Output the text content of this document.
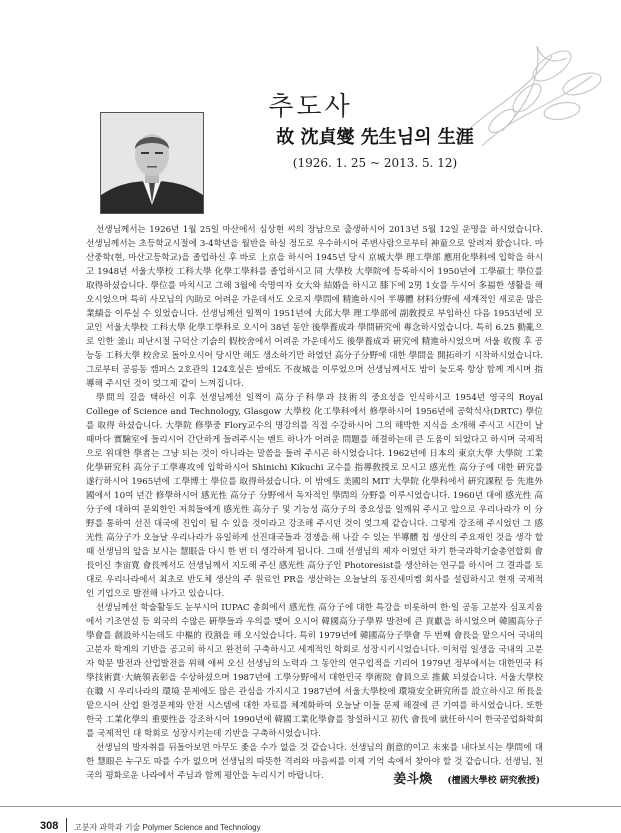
추도사
故 沈貞燮 先生님의 生涯
(1926. 1. 25 ~ 2013. 5. 12)

선생님께서는 1926년 1월 25일 마산에서 심상현 씨의 장남으로 출생하시어 2013년 5월 12일 운명을 하시었습니다. 선생님께서는 초등학교시절에 3-4학년을 월반을 하실 정도로 우수하시어 주변사람으로부터 神童으로 알려져 왔습니다. 마산중학(현, 마산고등학교)을 졸업하신 후 바로 上京을 하시어 1945년 당시 京城大學 理工學部 應用化學科에 입학을 하시고 1948년 서울大學校 工科大學 化學工學科를 졸업하시고 同 大學校 大學院에 등록하시어 1950년에 工學碩士 學位를 取得하셨습니다. 學位를 마치시고 그해 3월에 숙명여자 女大와 結婚을 하시고 膝下에 2男 1女를 두시어 多福한 생활을 해 오시었으며 특히 사모님의 內助로 어려운 가운데서도 오로지 學問에 精進하시어 半導體 材料分野에 세계적인 새로운 많은 業績을 이루실 수 있었습니다. 선생님께선 일찍이 1951년에 大邱大學 理工學部에 副敎授로 부임하신 다음 1953년에 모교인 서울大學校 工科大學 化學工學科로 오시어 38년 동안 後學養成과 學問硏究에 專念하시었습니다. 특히 6.25 動亂으로 인한 釜山 피난시절 구덕산 기슭의 假校舍에서 어려운 가운데서도 後學養成과 硏究에 精進하시었으며 서울 收復 후 공능동 工科大學 校舍로 돌아오시어 당시만 해도 생소하기만 하였던 高分子分野에 대한 學問을 開拓하기 시작하시었습니다. 그로부터 공릉동 캠퍼스 2호관의 124호실은 밤에도 不夜城을 이루었으며 선생님께서도 밤이 늦도록 항상 함께 계시며 指導해 주시던 것이 엊그제 같이 느껴집니다.

學問의 길을 택하신 이후 선생님께선 일찍이 高分子科學과 技術의 중요성을 인식하시고 1954년 영국의 Royal College of Science and Technology, Glasgow 大學校 化工學科에서 修學하시어 1956년에 공학석사(DRTC) 學位를 取得 하셨습니다. 大學院 修學중 Flory교수의 명강의를 직접 수강하시어 그의 해박한 지식을 소개해 주시고 시간이 날 때마다 實驗室에 들리시어 간단하게 들려주시는 벤트 하나가 어려운 問題를 해결하는데 큰 도움이 되었다고 하시며 국제적으로 위대한 學者는 그냥 되는 것이 아니라는 말씀을 들려 주시곤 하시었습니다. 1962년에 日本의 東京大學 大學院 工業化學硏究科 高分子工學專攻에 입학하시어 Shinichi Kikuchi 교수를 指導敎授로 모시고 感光性 高分子에 대한 硏究를 遂行하시어 1965년에 工學博士 學位를 取得하셨습니다. 이 밖에도 美國의 MIT 大學院 化學科에서 硏究課程 등 先進外國에서 10여 년간 修學하시어 感光性 高分子 分野에서 독자적인 學問의 分野를 이루시었습니다. 1960년 대에 感光性 高分子에 대하여 문외한인 저희들에게 感光性 高分子 및 기능성 高分子의 중요성을 일깨워 주시고 앞으로 우리나라가 이 分野를 통하여 선진 대국에 진입이 될 수 있을 것이라고 강조해 주시던 것이 엊그제 같습니다. 그렇게 강조해 주시었던 그 感光性 高分子가 오늘날 우리나라가 유일하게 선진대국들과 경쟁을 해 나갈 수 있는 半導體 칩 생산의 주요재인 것을 생각 할 때 선생님의 앞을 보시는 慧眼을 다시 한 번 더 생각하게 됩니다. 그때 선생님의 제자 이었던 차기 한국과학기술총연합회 會長이신 李宙寬 會長께서도 선생님께서 지도해 주신 感光性 高分子인 Photoresist를 생산하는 연구를 하시어 그 결과를 토대로 우리나라에서 최초로 반도체 생산의 주 원료인 PR을 생산하는 오늘날의 동진세미켐 회사를 설립하시고 현재 국제적인 기업으로 발전해 나가고 있습니다.

선생님께선 학술활동도 눈부시어 IUPAC 총회에서 感光性 高分子에 대한 특강을 비롯하여 한·일 공동 고분자 심포지움에서 기조연설 등 외국의 수많은 硏學들과 우의를 맺어 오시어 韓國高分子學界 발전에 큰 貢獻을 하시었으며 韓國高分子學會를 創設하시는데도 中樞的 役割을 해 오시었습니다. 특히 1979년에 韓國高分子學會 두 번째 會長을 맡으시어 국내의 고분자 학계의 기반을 공고히 하시고 완전히 구축하시고 세계적인 학회로 성장시키시었습니다. 이처럼 일생을 국내의 고분자 학문 발전과 산업발전을 위해 애써 오신 선생님의 노력과 그 동안의 연구업적을 기리어 1979년 정부에서는 대한민국 科學技術賞·大統領表彰을 수상하셨으며 1987년에 工學分野에서 대한민국 學術院 會員으로 推戴 되셨습니다. 서울大學校 在職 시 우리나라의 環境 문제에도 많은 관심을 가지시고 1987년에 서울大學校에 環境安全硏究所를 設立하시고 所長을 맡으시어 산업 환경문제와 안전 시스템에 대한 자료를 체계화하여 오늘날 이들 문제 해결에 큰 기여를 하시었습니다. 또한 한국 工業化學의 重要性을 강조하시어 1990년에 韓國工業化學會를 창설하시고 初代 會長에 就任하시어 한국공업화학회를 국제적인 대 학회로 성장시키는데 기반을 구축하시었습니다.

선생님의 발자취를 뒤돌아보면 아무도 좇을 수가 없을 것 같습니다. 선생님의 創意的이고 未來를 내다보시는 學問에 대한 慧眼은 누구도 따를 수가 없으며 선생님의 따뜻한 격려와 마음씨를 이제 기억 속에서 찾아야 할 것 같습니다. 선생님, 천국의 평화로운 나라에서 주님과 함께 평안을 누리시기 바랍니다.	姜斗煥 (檀國大學校 硏究敎授)
308 고분자 과학과 기술 Polymer Science and Technology
